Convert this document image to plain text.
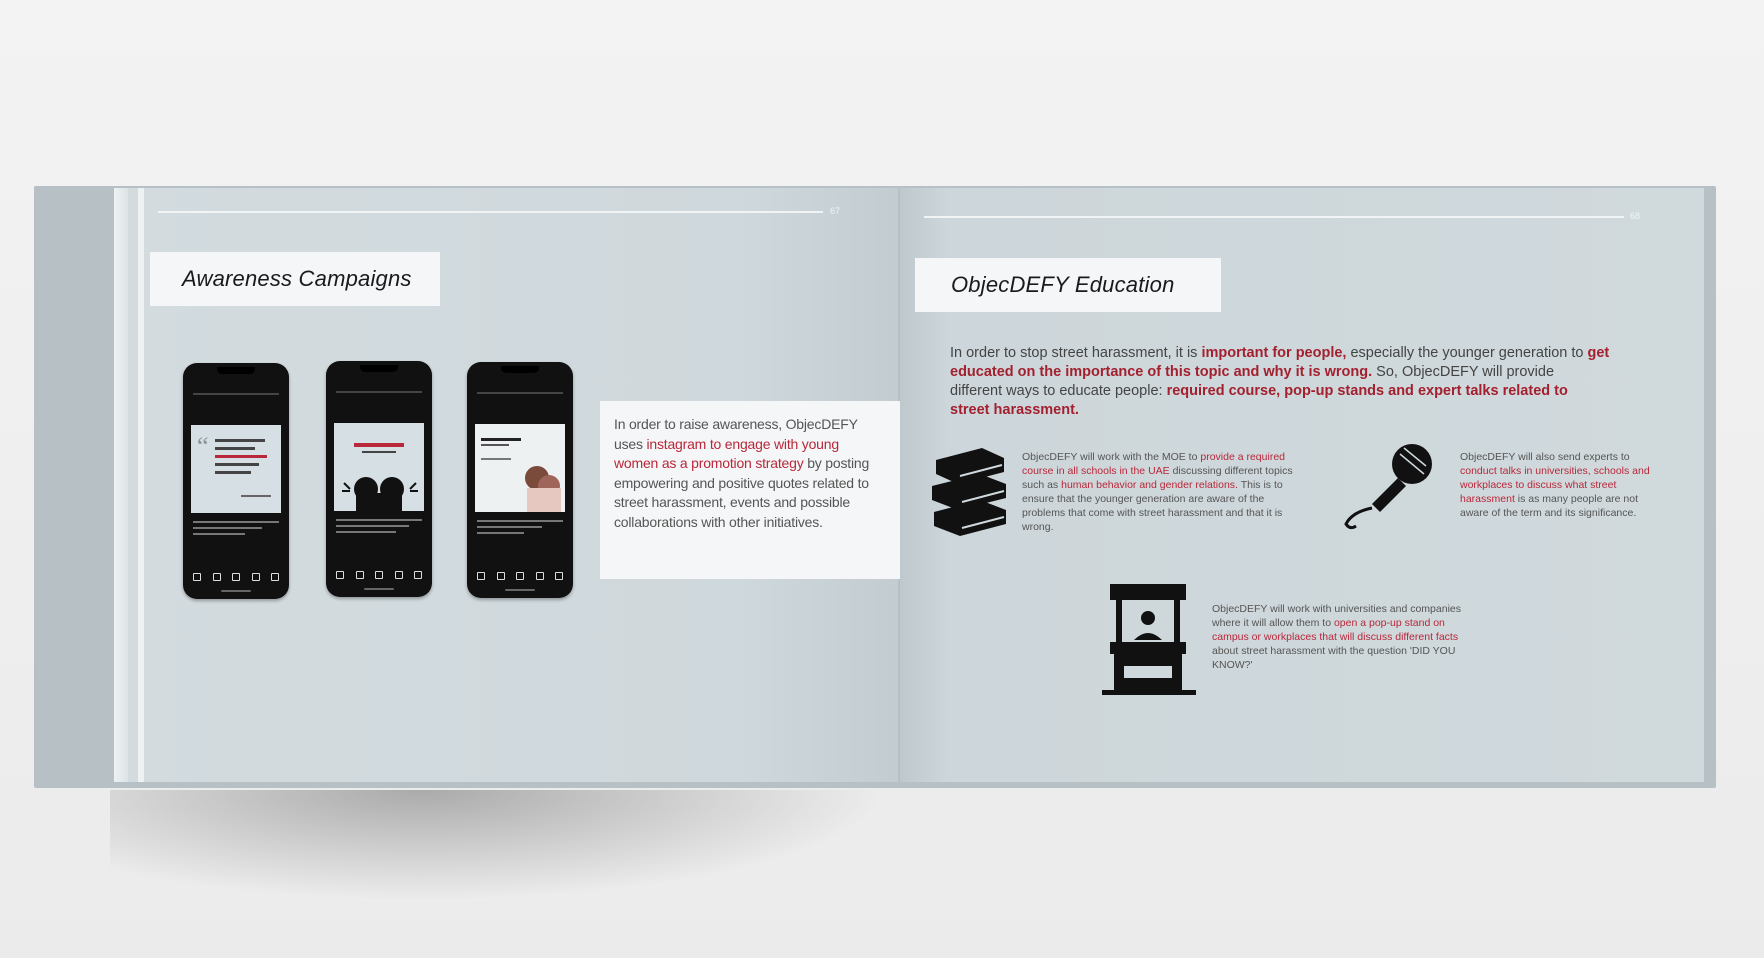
67
Awareness Campaigns
“

In order to raise awareness, ObjecDEFY uses instagram to engage with young women as a promotion strategy by posting empowering and positive quotes related to street harassment, events and possible collaborations with other initiatives.

68
ObjecDEFY Education

In order to stop street harassment, it is important for people, especially the younger generation to get educated on the importance of this topic and why it is wrong. So, ObjecDEFY will provide different ways to educate people: required course, pop-up stands and expert talks related to street harassment.

ObjecDEFY will work with the MOE to provide a required course in all schools in the UAE discussing different topics such as human behavior and gender relations. This is to ensure that the younger generation are aware of the problems that come with street harassment and that it is wrong.

ObjecDEFY will also send experts to conduct talks in universities, schools and workplaces to discuss what street harassment is as many people are not aware of the term and its significance.

ObjecDEFY will work with universities and companies where it will allow them to open a pop-up stand on campus or workplaces that will discuss different facts about street harassment with the question 'DID YOU KNOW?'
